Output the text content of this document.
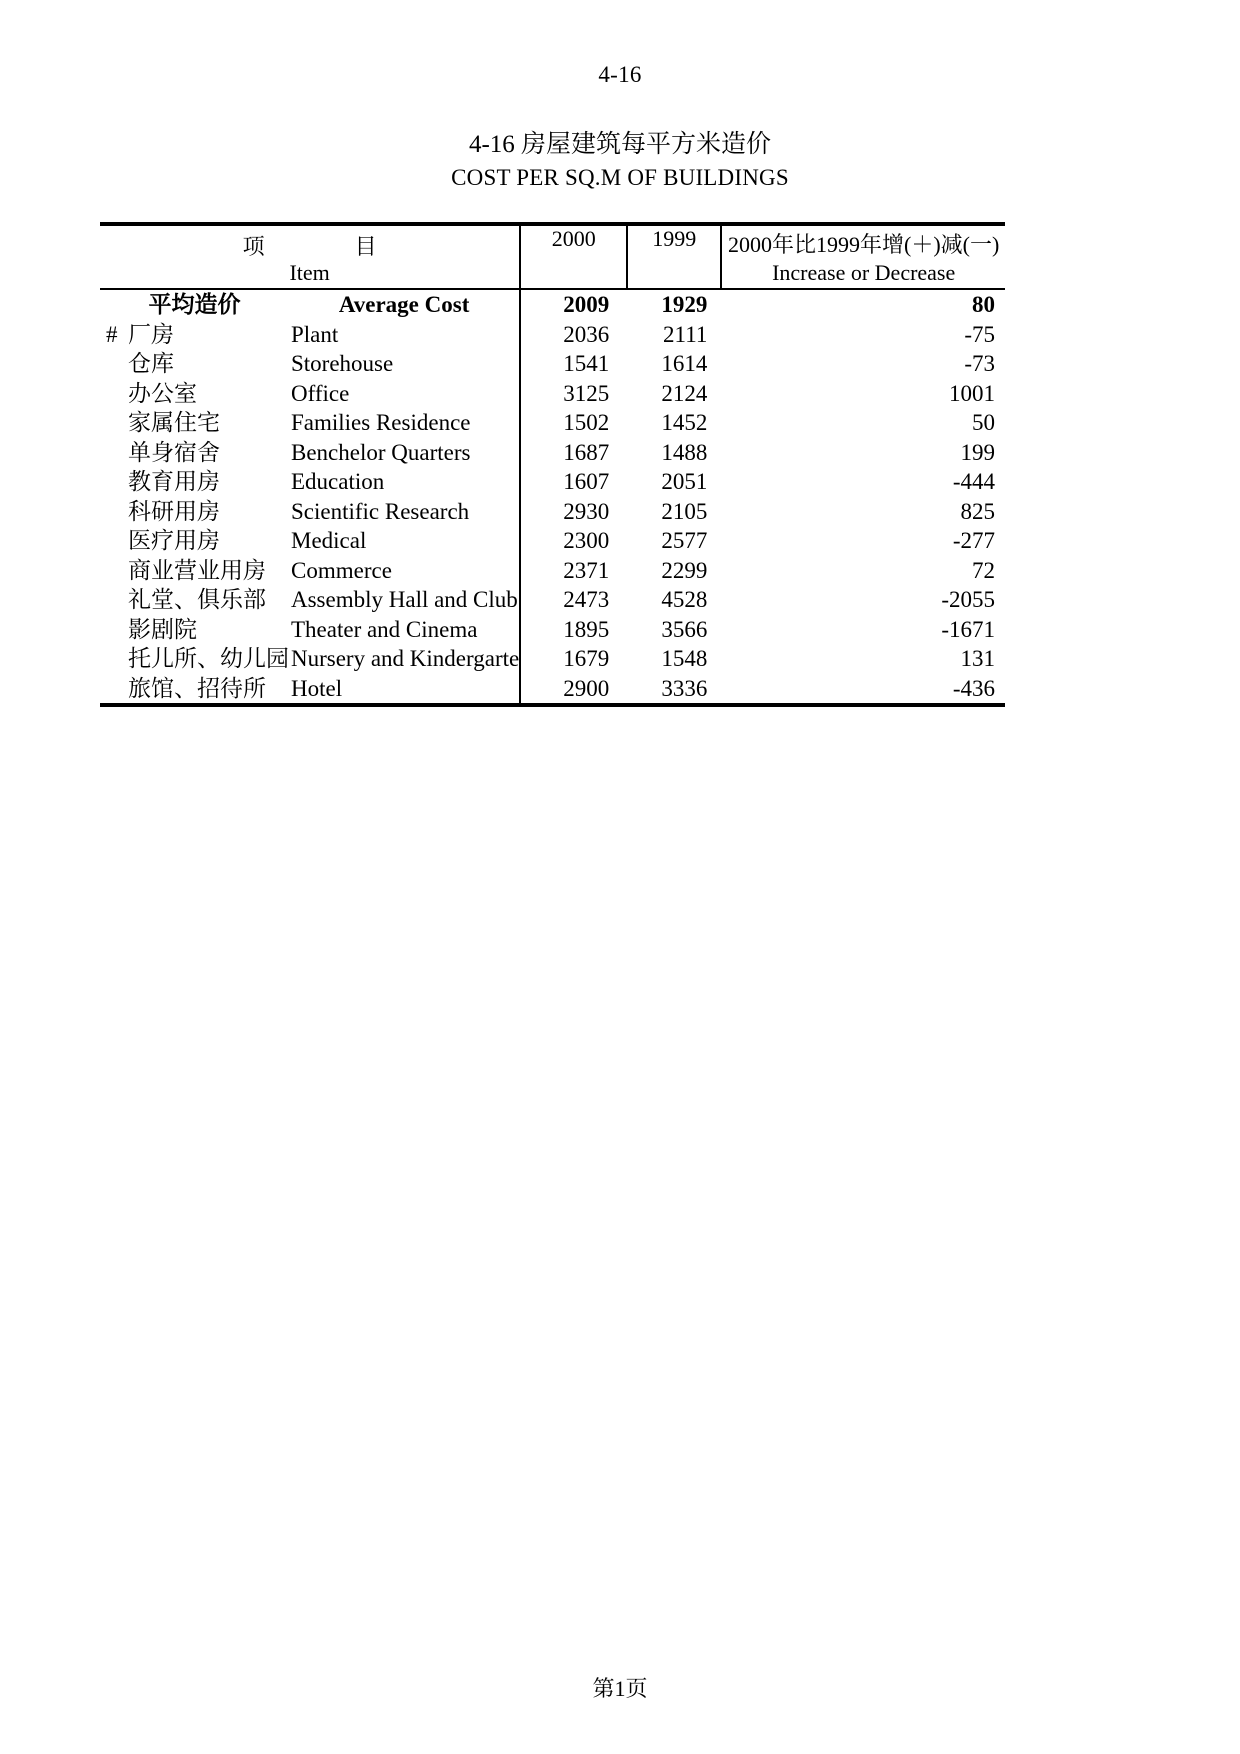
4-16
4-16 房屋建筑每平方米造价
COST PER SQ.M OF BUILDINGS
项	目
Item
	2000	1999	2000年比1999年增(＋)减(一)
Increase or Decrease

平均造价	Average Cost	2009	1929	80
# 厂房	Plant	2036	2111	-75
仓库	Storehouse	1541	1614	-73
办公室	Office	3125	2124	1001
家属住宅	Families Residence	1502	1452	50
单身宿舍	Benchelor Quarters	1687	1488	199
教育用房	Education	1607	2051	-444
科研用房	Scientific Research	2930	2105	825
医疗用房	Medical	2300	2577	-277
商业营业用房	Commerce	2371	2299	72
礼堂、俱乐部	Assembly Hall and Club	2473	4528	-2055
影剧院	Theater and Cinema	1895	3566	-1671
托儿所、幼儿园	Nursery and Kindergarte	1679	1548	131
旅馆、招待所	Hotel	2900	3336	-436
第1页
